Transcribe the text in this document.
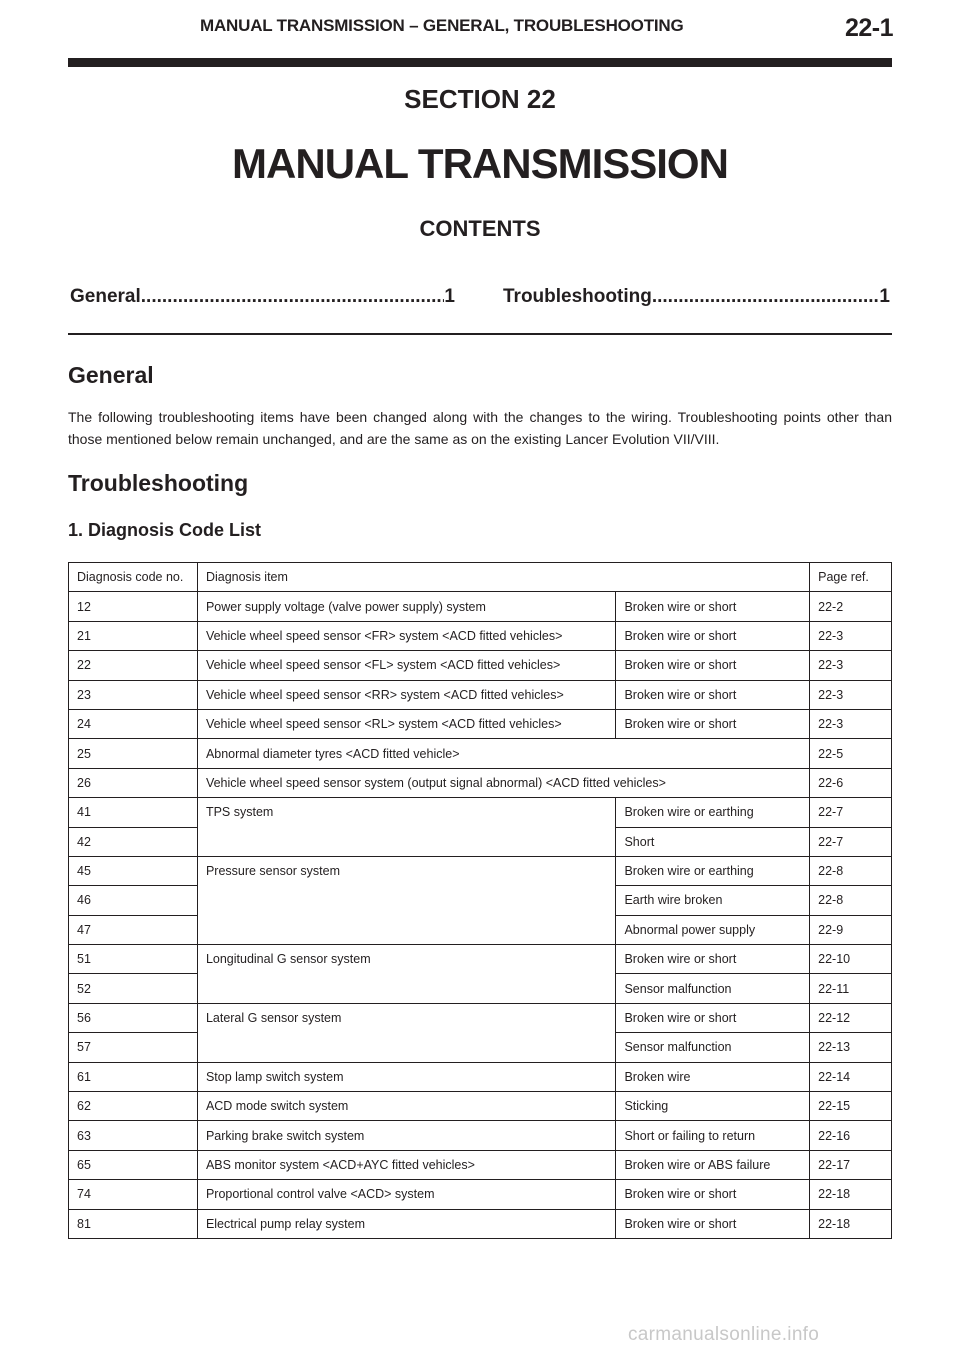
MANUAL TRANSMISSION – GENERAL, TROUBLESHOOTING	22-1
SECTION 22
MANUAL TRANSMISSION
CONTENTS
General .....	1	Troubleshooting .....	1
General

The following troubleshooting items have been changed along with the changes to the wiring. Troubleshooting points other than those mentioned below remain unchanged, and are the same as on the existing Lancer Evolution VII/VIII.

Troubleshooting
1. Diagnosis Code List
Diagnosis code no.	Diagnosis item		Page ref.
12	Power supply voltage (valve power supply) system	Broken wire or short	22-2
21	Vehicle wheel speed sensor <FR> system <ACD fitted vehicles>	Broken wire or short	22-3
22	Vehicle wheel speed sensor <FL> system <ACD fitted vehicles>	Broken wire or short	22-3
23	Vehicle wheel speed sensor <RR> system <ACD fitted vehicles>	Broken wire or short	22-3
24	Vehicle wheel speed sensor <RL> system <ACD fitted vehicles>	Broken wire or short	22-3
25	Abnormal diameter tyres <ACD fitted vehicle>		22-5
26	Vehicle wheel speed sensor system (output signal abnormal) <ACD fitted vehicles>		22-6
41	TPS system	Broken wire or earthing	22-7
42		Short	22-7
45	Pressure sensor system	Broken wire or earthing	22-8
46		Earth wire broken	22-8
47		Abnormal power supply	22-9
51	Longitudinal G sensor system	Broken wire or short	22-10
52		Sensor malfunction	22-11
56	Lateral G sensor system	Broken wire or short	22-12
57		Sensor malfunction	22-13
61	Stop lamp switch system	Broken wire	22-14
62	ACD mode switch system	Sticking	22-15
63	Parking brake switch system	Short or failing to return	22-16
65	ABS monitor system <ACD+AYC fitted vehicles>	Broken wire or ABS failure	22-17
74	Proportional control valve <ACD> system	Broken wire or short	22-18
81	Electrical pump relay system	Broken wire or short	22-18
carmanualsonline.info
